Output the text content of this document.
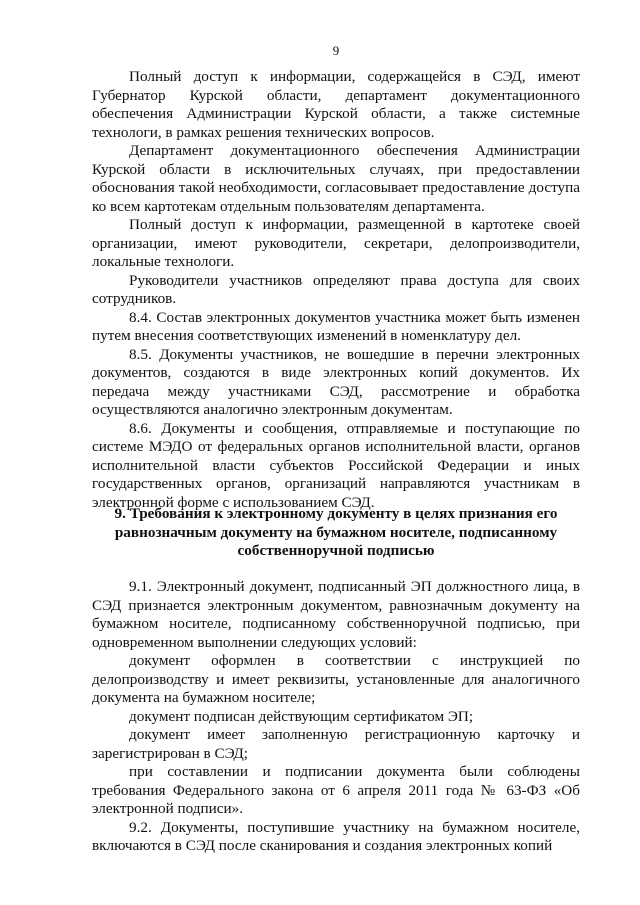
9

Полный доступ к информации, содержащейся в СЭД, имеют Губернатор Курской области, департамент документационного обеспечения Администрации Курской области, а также системные технологи, в рамках решения технических вопросов.

Департамент документационного обеспечения Администрации Курской области в исключительных случаях, при предоставлении обоснования такой необходимости, согласовывает предоставление доступа ко всем картотекам отдельным пользователям департамента.

Полный доступ к информации, размещенной в картотеке своей организации, имеют руководители, секретари, делопроизводители, локальные технологи.

Руководители участников определяют права доступа для своих сотрудников.

8.4. Состав электронных документов участника может быть изменен путем внесения соответствующих изменений в номенклатуру дел.

8.5. Документы участников, не вошедшие в перечни электронных документов, создаются в виде электронных копий документов. Их передача между участниками СЭД, рассмотрение и обработка осуществляются аналогично электронным документам.

8.6. Документы и сообщения, отправляемые и поступающие по системе МЭДО от федеральных органов исполнительной власти, органов исполнительной власти субъектов Российской Федерации и иных государственных органов, организаций направляются участникам в электронной форме с использованием СЭД.

9. Требования к электронному документу в целях признания его
равнозначным документу на бумажном носителе, подписанному
собственноручной подписью

9.1. Электронный документ, подписанный ЭП должностного лица, в СЭД признается электронным документом, равнозначным документу на бумажном носителе, подписанному собственноручной подписью, при одновременном выполнении следующих условий:

документ оформлен в соответствии с инструкцией по делопроизводству и имеет реквизиты, установленные для аналогичного документа на бумажном носителе;

документ подписан действующим сертификатом ЭП;

документ имеет заполненную регистрационную карточку и зарегистрирован в СЭД;

при составлении и подписании документа были соблюдены требования Федерального закона от 6 апреля 2011 года № 63-ФЗ «Об электронной подписи».

9.2. Документы, поступившие участнику на бумажном носителе, включаются в СЭД после сканирования и создания электронных копий
